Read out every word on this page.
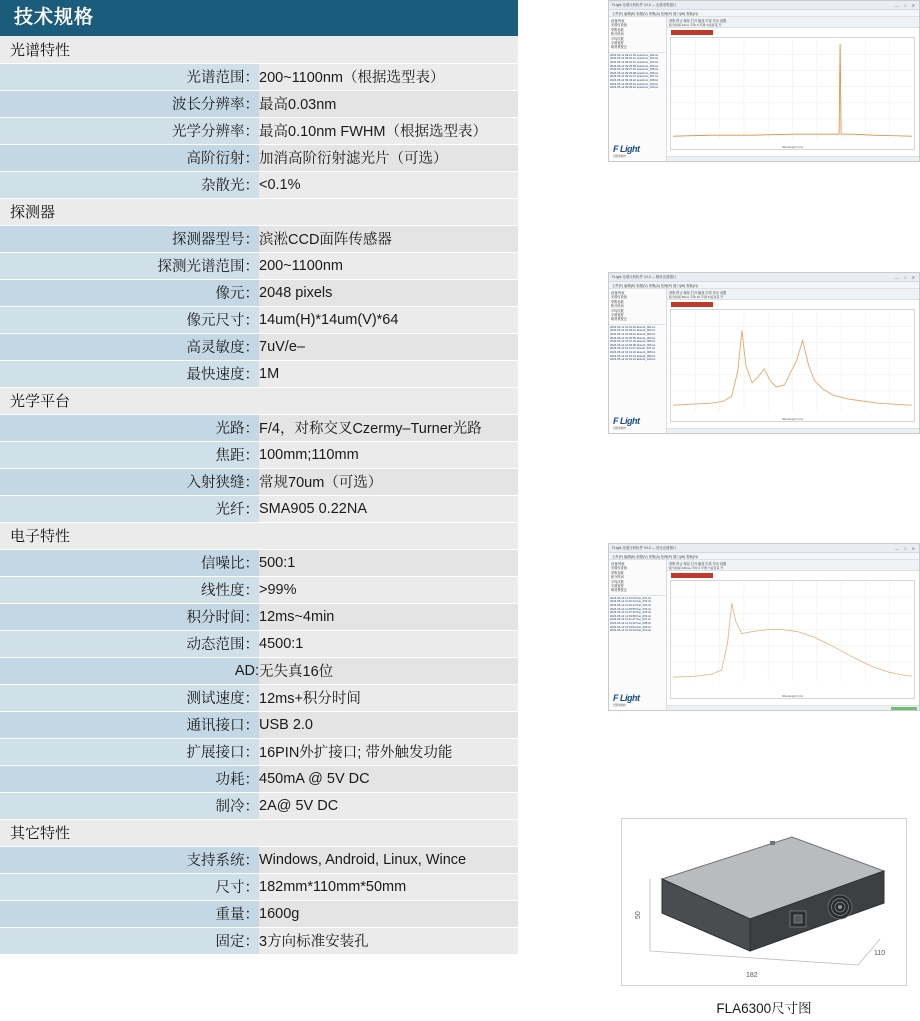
技术规格
光谱特性	
光谱范围：	200~1100nm（根据选型表）
波长分辨率：	最高0.03nm
光学分辨率：	最高0.10nm FWHM（根据选型表）
高阶衍射：	加消高阶衍射滤光片（可选）
杂散光：	<0.1%
探测器	
探测器型号：	滨淞CCD面阵传感器
探测光谱范围：	200~1100nm
像元：	2048 pixels
像元尺寸：	14um(H)*14um(V)*64
高灵敏度：	7uV/e–
最快速度：	1M
光学平台	
光路：	F/4，对称交叉Czermy–Turner光路
焦距：	100mm;110mm
入射狭缝：	常规70um（可选）
光纤：	SMA905 0.22NA
电子特性	
信噪比：	500:1
线性度：	>99%
积分时间：	12ms~4min
动态范围：	4500:1
AD:	无失真16位
测试速度：	12ms+积分时间
通讯接口：	USB 2.0
扩展接口：	16PIN外扩接口; 带外触发功能
功耗：	450mA @ 5V DC
制冷：	2A@ 5V DC
其它特性	
支持系统：	Windows, Android, Linux, Wince
尺寸：	182mm*110mm*50mm
重量：	1600g
固定：	3方向标准安装孔
FLight 光谱分析软件 V3.0 — 光谱采集窗口	— □ ✕
文件(F) 编辑(E) 视图(V) 采集(A) 处理(P) 窗口(W) 帮助(H)
设备列表
光谱仪设备
采集参数
积分时间
平均次数
平滑宽度
暗背景校正
2023-05-12 09:21:03 spectrum_001.txt
2023-05-12 09:22:41 spectrum_002.txt
2023-05-12 09:24:10 spectrum_003.txt
2023-05-12 09:25:55 spectrum_004.txt
2023-05-12 09:27:32 spectrum_005.txt
2023-05-12 09:29:08 spectrum_006.txt
2023-05-12 09:31:47 spectrum_007.txt
2023-05-12 09:33:22 spectrum_008.txt
2023-05-12 09:35:01 spectrum_009.txt
2023-05-12 09:36:44 spectrum_010.txt
F Light
光谱分析软件
采集 停止 保存 打开 缩放 归零 导出 设置
积分时间 12ms 平均 5 平滑 3 暗背景 开
Wavelength (nm)
FLight 光谱分析软件 V3.0 — 吸收光谱窗口	— □ ✕
文件(F) 编辑(E) 视图(V) 采集(A) 处理(P) 窗口(W) 帮助(H)
设备列表
光谱仪设备
采集参数
积分时间
平均次数
平滑宽度
暗背景校正
2023-05-12 10:01:03 absorb_001.txt
2023-05-12 10:02:41 absorb_002.txt
2023-05-12 10:04:10 absorb_003.txt
2023-05-12 10:05:55 absorb_004.txt
2023-05-12 10:07:32 absorb_005.txt
2023-05-12 10:09:08 absorb_006.txt
2023-05-12 10:11:47 absorb_007.txt
2023-05-12 10:13:22 absorb_008.txt
2023-05-12 10:15:01 absorb_009.txt
2023-05-12 10:16:44 absorb_010.txt
F Light
光谱分析软件
采集 停止 保存 打开 缩放 归零 导出 设置
积分时间 50ms 平均 10 平滑 5 暗背景 开
Wavelength (nm)
FLight 光谱分析软件 V3.0 — 荧光光谱窗口	— □ ✕
文件(F) 编辑(E) 视图(V) 采集(A) 处理(P) 窗口(W) 帮助(H)
设备列表
光谱仪设备
采集参数
积分时间
平均次数
平滑宽度
暗背景校正
2023-05-12 11:01:03 fluo_001.txt
2023-05-12 11:02:41 fluo_002.txt
2023-05-12 11:04:10 fluo_003.txt
2023-05-12 11:05:55 fluo_004.txt
2023-05-12 11:07:32 fluo_005.txt
2023-05-12 11:09:08 fluo_006.txt
2023-05-12 11:11:47 fluo_007.txt
2023-05-12 11:13:22 fluo_008.txt
2023-05-12 11:15:01 fluo_009.txt
2023-05-12 11:16:44 fluo_010.txt
F Light
光谱分析软件
采集 停止 保存 打开 缩放 归零 导出 设置
积分时间 100ms 平均 3 平滑 7 暗背景 开
Wavelength (nm)
50
182
110
FLA6300尺寸图
